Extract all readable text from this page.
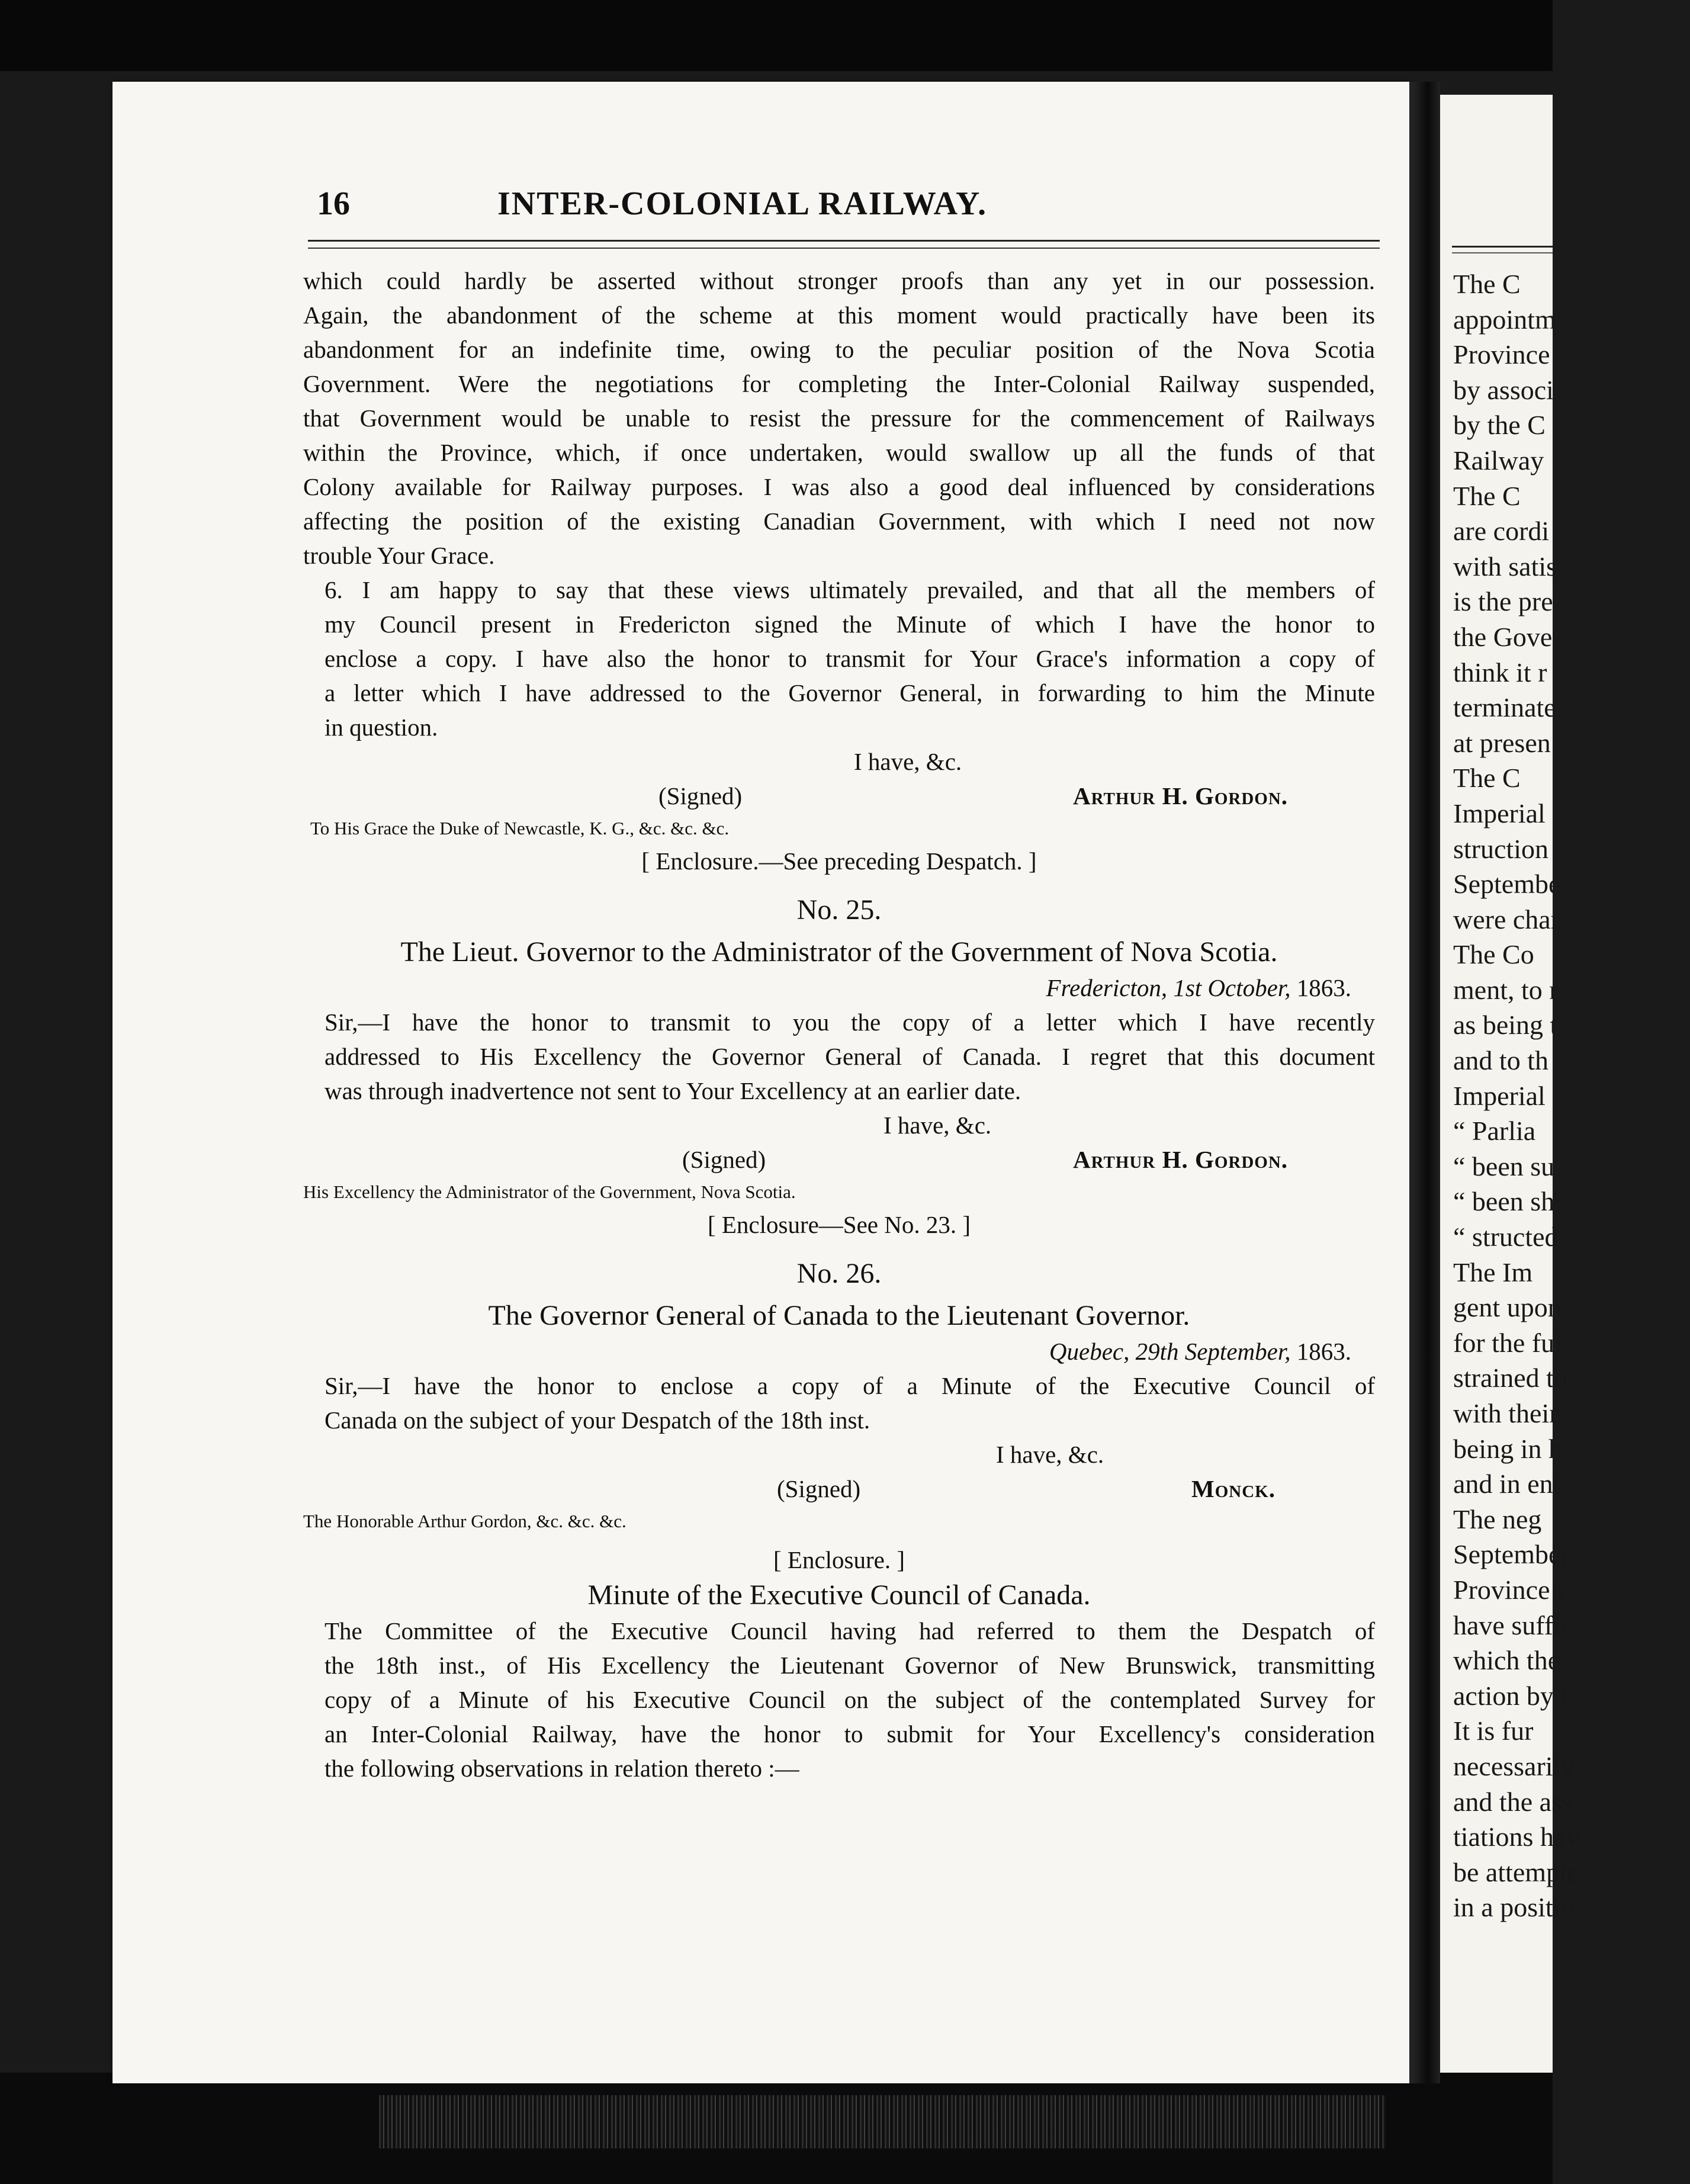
The C
appointm
Province
by associ
by the C
Railway
The C
are cordi
with satis
is the pre
the Gove
think it r
terminate
at presen
The C
Imperial
struction
Septembe
were char
The Co
ment, to r
as being t
and to th
Imperial
“ Parlia
“ been su
“ been sh
“ structed
The Im
gent upon
for the ful
strained to
with their
being in h
and in ent
The neg
September
Province ;
have suffic
which the
action by t
It is fur
necessarily
and the ass
tiations hav
be attempte
in a positio
16	INTER-COLONIAL RAILWAY.

which could hardly be asserted without stronger proofs than any yet in our possession.
Again, the abandonment of the scheme at this moment would practically have been its
abandonment for an indefinite time, owing to the peculiar position of the Nova Scotia
Government. Were the negotiations for completing the Inter-Colonial Railway suspended,
that Government would be unable to resist the pressure for the commencement of Railways
within the Province, which, if once undertaken, would swallow up all the funds of that
Colony available for Railway purposes. I was also a good deal influenced by considerations
affecting the position of the existing Canadian Government, with which I need not now
trouble Your Grace.

6. I am happy to say that these views ultimately prevailed, and that all the members of
my Council present in Fredericton signed the Minute of which I have the honor to
enclose a copy. I have also the honor to transmit for Your Grace's information a copy of
a letter which I have addressed to the Governor General, in forwarding to him the Minute
in question.

I have, &c.
(Signed)	Arthur H. Gordon.
To His Grace the Duke of Newcastle, K. G., &c. &c. &c.
[ Enclosure.—See preceding Despatch. ]
No. 25.
The Lieut. Governor to the Administrator of the Government of Nova Scotia.
Fredericton, 1st October, 1863.

Sir,—I have the honor to transmit to you the copy of a letter which I have recently
addressed to His Excellency the Governor General of Canada. I regret that this document
was through inadvertence not sent to Your Excellency at an earlier date.

I have, &c.
(Signed)	Arthur H. Gordon.
His Excellency the Administrator of the Government, Nova Scotia.
[ Enclosure—See No. 23. ]
No. 26.
The Governor General of Canada to the Lieutenant Governor.
Quebec, 29th September, 1863.

Sir,—I have the honor to enclose a copy of a Minute of the Executive Council of
Canada on the subject of your Despatch of the 18th inst.

I have, &c.
(Signed)	Monck.
The Honorable Arthur Gordon, &c. &c. &c.
[ Enclosure. ]
Minute of the Executive Council of Canada.

The Committee of the Executive Council having had referred to them the Despatch of
the 18th inst., of His Excellency the Lieutenant Governor of New Brunswick, transmitting
copy of a Minute of his Executive Council on the subject of the contemplated Survey for
an Inter-Colonial Railway, have the honor to submit for Your Excellency's consideration
the following observations in relation thereto :—
